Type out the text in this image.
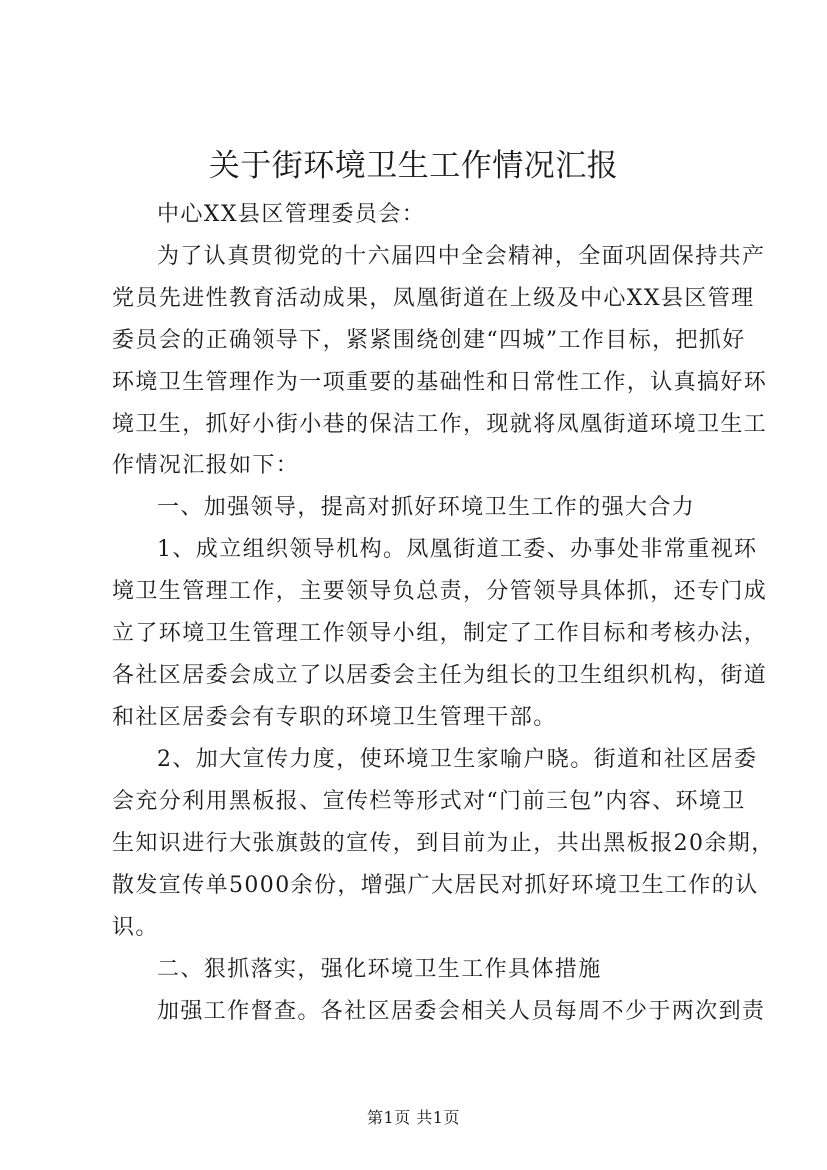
关于街环境卫生工作情况汇报
中心XX县区管理委员会：
为了认真贯彻党的十六届四中全会精神，全面巩固保持共产
党员先进性教育活动成果，凤凰街道在上级及中心XX县区管理
委员会的正确领导下，紧紧围绕创建“四城”工作目标，把抓好
环境卫生管理作为一项重要的基础性和日常性工作，认真搞好环
境卫生，抓好小街小巷的保洁工作，现就将凤凰街道环境卫生工
作情况汇报如下：
一、加强领导，提高对抓好环境卫生工作的强大合力
1、成立组织领导机构。凤凰街道工委、办事处非常重视环
境卫生管理工作，主要领导负总责，分管领导具体抓，还专门成
立了环境卫生管理工作领导小组，制定了工作目标和考核办法，
各社区居委会成立了以居委会主任为组长的卫生组织机构，街道
和社区居委会有专职的环境卫生管理干部。
2、加大宣传力度，使环境卫生家喻户晓。街道和社区居委
会充分利用黑板报、宣传栏等形式对“门前三包”内容、环境卫
生知识进行大张旗鼓的宣传，到目前为止，共出黑板报20余期，
散发宣传单5000余份，增强广大居民对抓好环境卫生工作的认
识。
二、狠抓落实，强化环境卫生工作具体措施
加强工作督查。各社区居委会相关人员每周不少于两次到责
第1页 共1页
